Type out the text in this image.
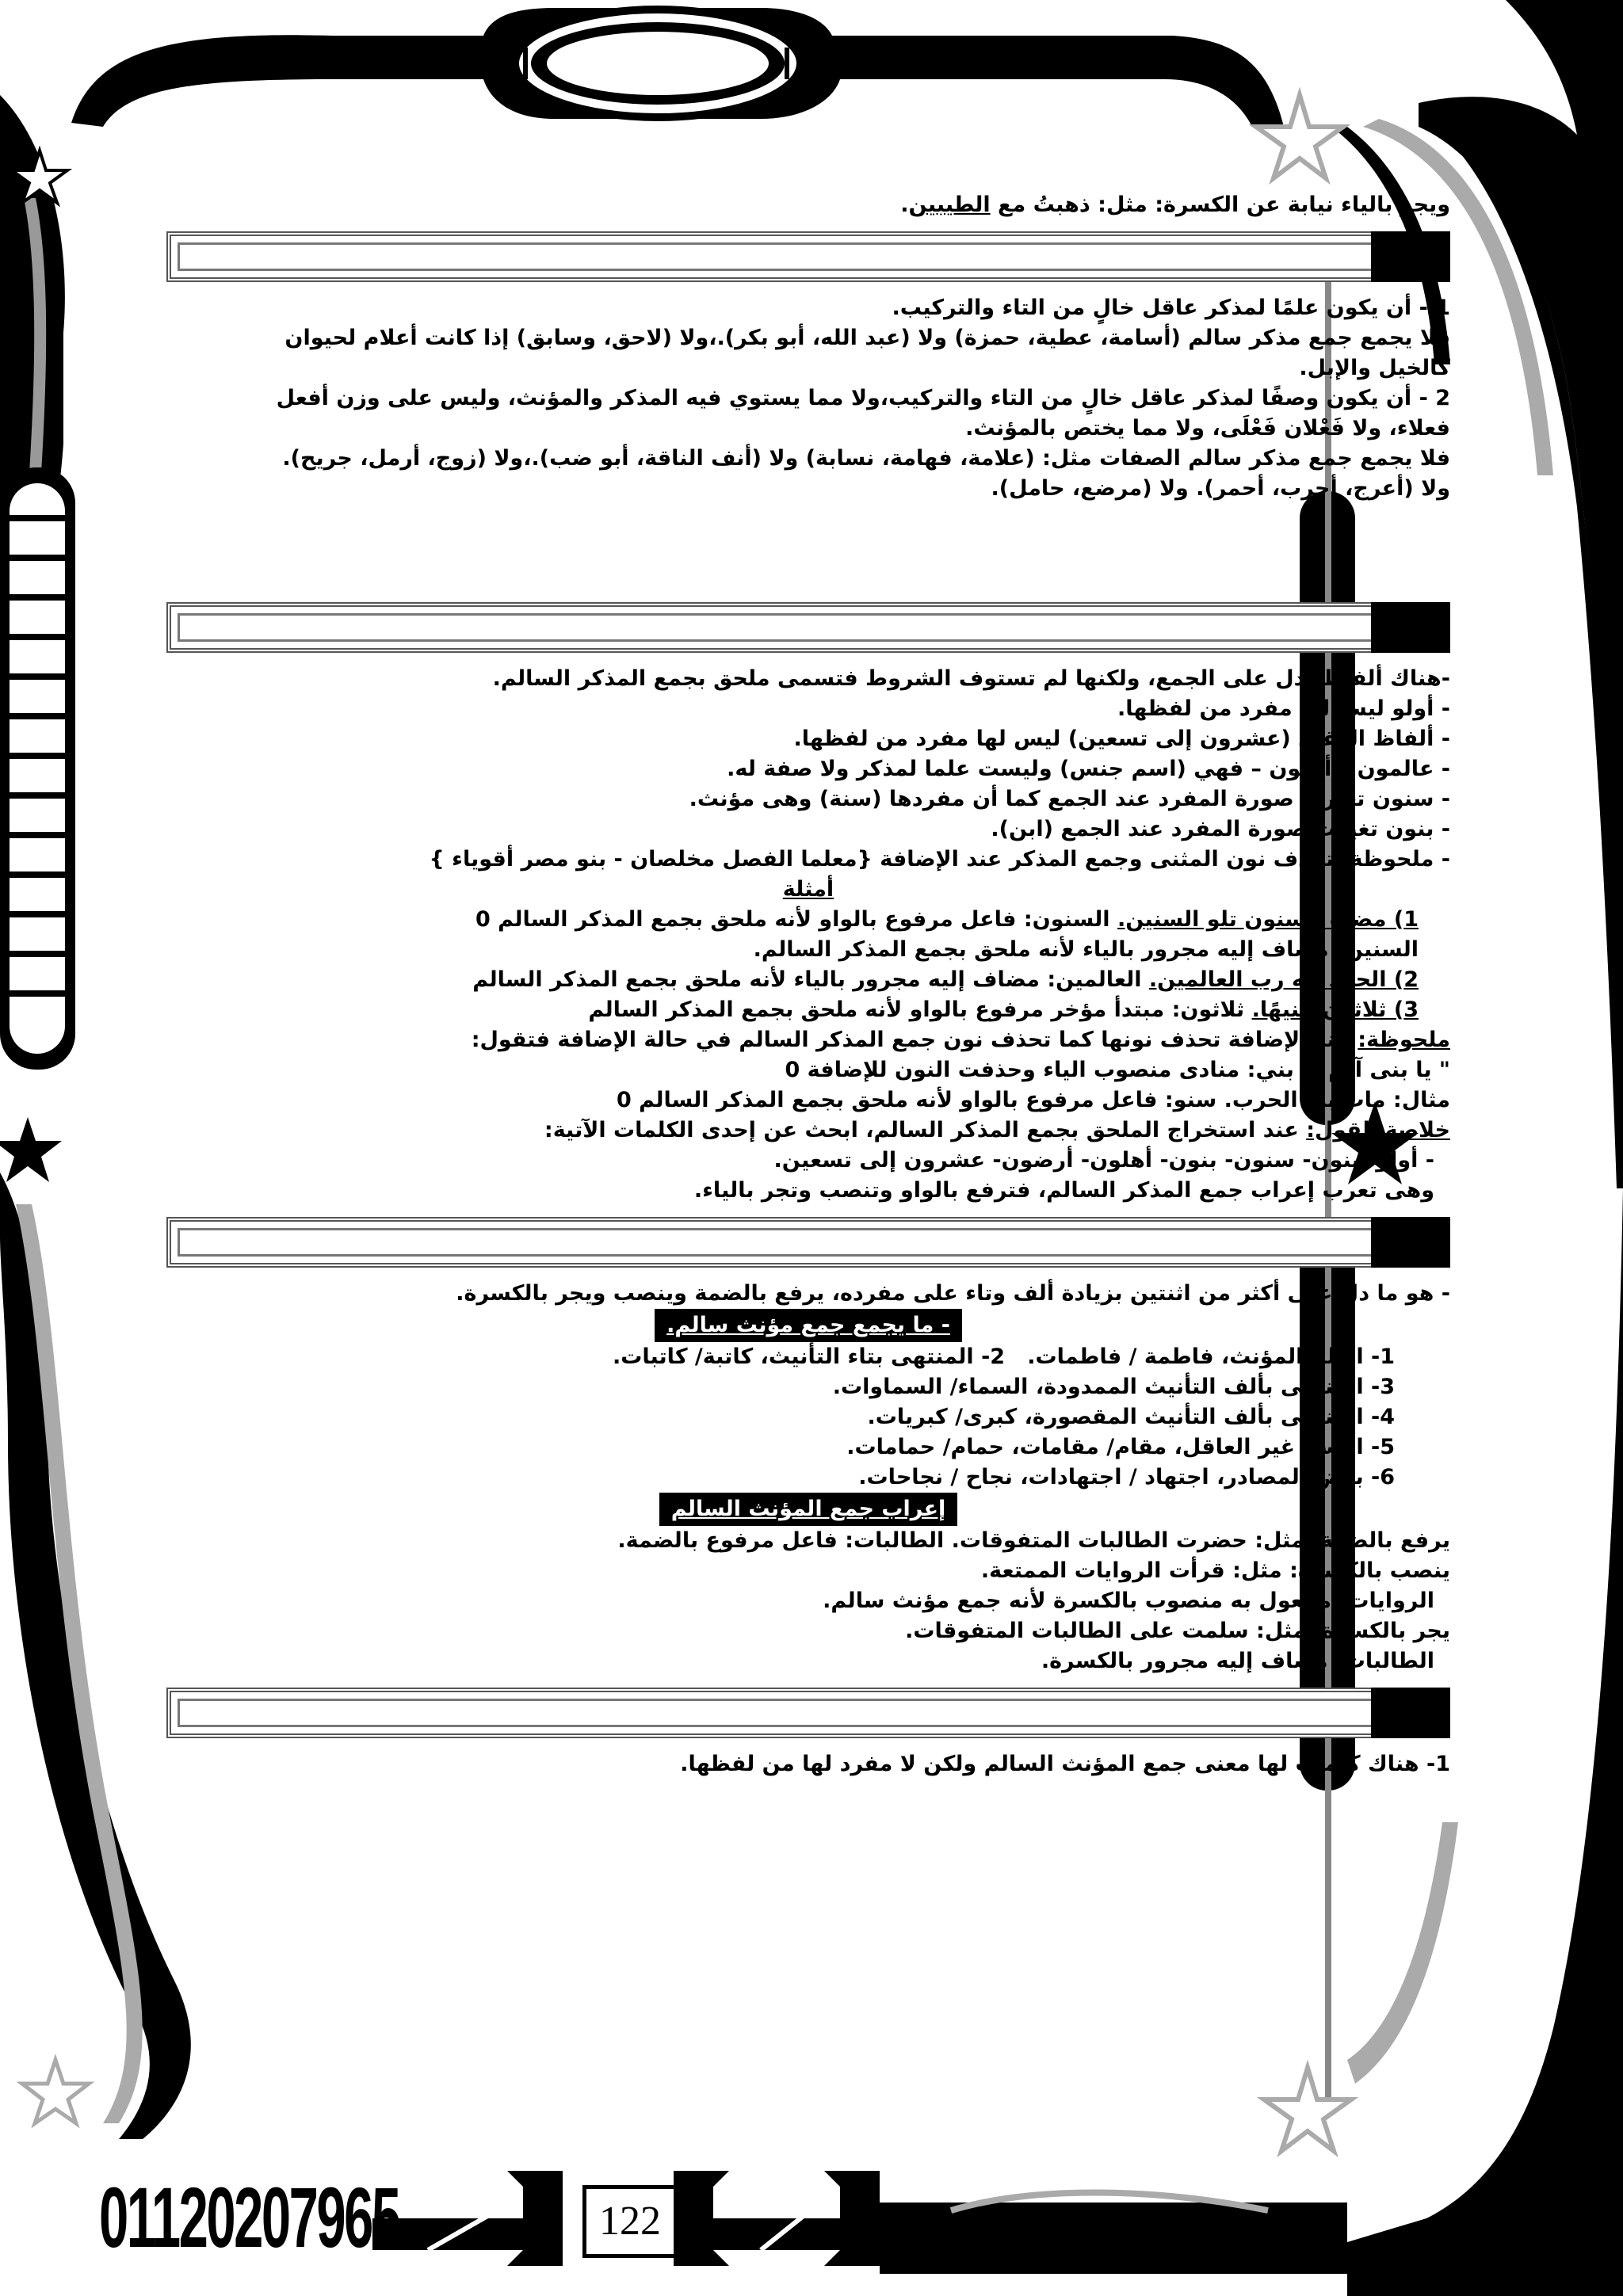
ويجر بالياء نيابة عن الكسرة: مثل: ذهبتُ مع الطيبين.

1 - أن يكون علمًا لمذكر عاقل خالٍ من التاء والتركيب.

فلا يجمع جمع مذكر سالم (أسامة، عطية، حمزة) ولا (عبد الله، أبو بكر).،ولا (لاحق، وسابق) إذا كانت أعلام لحيوان

كالخيل والإبل.

2 - أن يكون وصفًا لمذكر عاقل خالٍ من التاء والتركيب،ولا مما يستوي فيه المذكر والمؤنث، وليس على وزن أفعل

فعلاء، ولا فَعْلان فَعْلَى، ولا مما يختص بالمؤنث.

فلا يجمع جمع مذكر سالم الصفات مثل: (علامة، فهامة، نسابة) ولا (أنف الناقة، أبو ضب).،ولا (زوج، أرمل، جريح).

ولا (أعرج، أجرب، أحمر). ولا (مرضع، حامل).

-هناك ألفاظ تدل على الجمع، ولكنها لم تستوف الشروط فتسمى ملحق بجمع المذكر السالم.

- أولو ليس لها مفرد من لفظها.

- ألفاظ العقود (عشرون إلى تسعين) ليس لها مفرد من لفظها.

- عالمون – أهلون – فهي (اسم جنس) وليست علما لمذكر ولا صفة له.

- سنون تغيرت صورة المفرد عند الجمع كما أن مفردها (سنة) وهى مؤنث.

- بنون تغيرت صورة المفرد عند الجمع (ابن).

- ملحوظة: تحذف نون المثنى وجمع المذكر عند الإضافة {معلما الفصل مخلصان - بنو مصر أقوياء }

أمثلة

1) مضت السنون تلو السنين. السنون: فاعل مرفوع بالواو لأنه ملحق بجمع المذكر السالم 0

السنين: مضاف إليه مجرور بالياء لأنه ملحق بجمع المذكر السالم.

2) الحمد لله رب العالمين. العالمين: مضاف إليه مجرور بالياء لأنه ملحق بجمع المذكر السالم

3) ثلاثون جنيهًا. ثلاثون: مبتدأ مؤخر مرفوع بالواو لأنه ملحق بجمع المذكر السالم

ملحوظة: عند الإضافة تحذف نونها كما تحذف نون جمع المذكر السالم في حالة الإضافة فتقول:

" يا بنى آدم ". بني: منادى منصوب الياء وحذفت النون للإضافة 0

مثال: مات بنو الحرب. سنو: فاعل مرفوع بالواو لأنه ملحق بجمع المذكر السالم 0

خلاصة القول: عند استخراج الملحق بجمع المذكر السالم، ابحث عن إحدى الكلمات الآتية:

- أولو- بنون- سنون- بنون- أهلون- أرضون- عشرون إلى تسعين.

وهى تعرب إعراب جمع المذكر السالم، فترفع بالواو وتنصب وتجر بالياء.

- هو ما دل على أكثر من اثنتين بزيادة ألف وتاء على مفرده، يرفع بالضمة وينصب ويجر بالكسرة.

- ما يجمع جمع مؤنث سالم.

1- العلم المؤنث، فاطمة / فاطمات.   2- المنتهى بتاء التأنيث، كاتبة/ كاتبات.

3- المنتهى بألف التأنيث الممدودة، السماء/ السماوات.

4- المنتهى بألف التأنيث المقصورة، كبرى/ كبريات.

5- الاسم غير العاقل، مقام/ مقامات، حمام/ حمامات.

6- بعض المصادر، اجتهاد / اجتهادات، نجاح / نجاحات.

إعراب جمع المؤنث السالم

يرفع بالضمة: مثل: حضرت الطالبات المتفوقات. الطالبات: فاعل مرفوع بالضمة.

ينصب بالكسرة: مثل: قرأت الروايات الممتعة.

الروايات: مفعول به منصوب بالكسرة لأنه جمع مؤنث سالم.

يجر بالكسرة: مثل: سلمت على الطالبات المتفوقات.

الطالبات: مضاف إليه مجرور بالكسرة.

1- هناك كلمات لها معنى جمع المؤنث السالم ولكن لا مفرد لها من لفظها.

01120207965	122
